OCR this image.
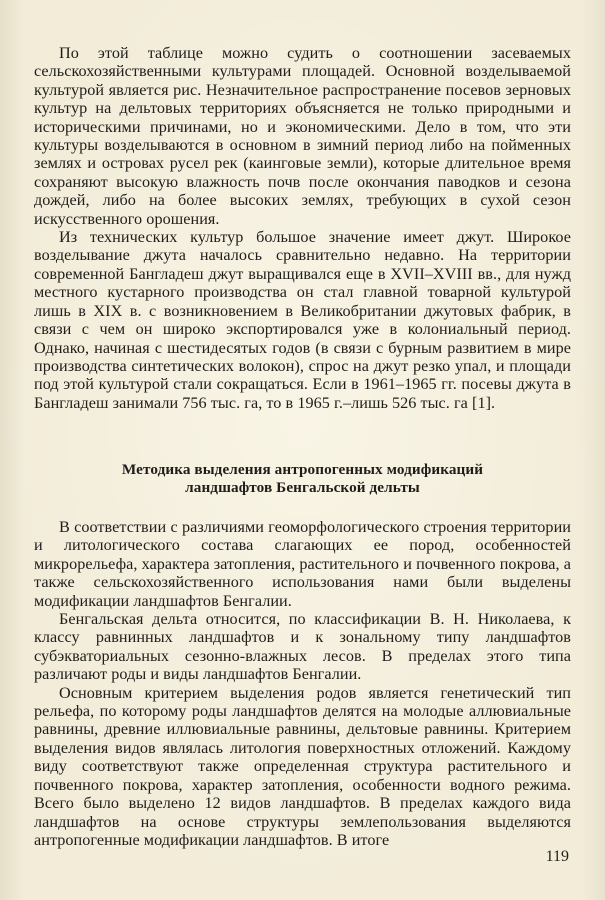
По этой таблице можно судить о соотношении засеваемых сельскохозяйственными культурами площадей. Основной возделываемой культурой является рис. Незначительное распространение посевов зерновых культур на дельтовых территориях объясняется не только природными и историческими причинами, но и экономическими. Дело в том, что эти культуры возделываются в основном в зимний период либо на пойменных землях и островах русел рек (каинговые земли), которые длительное время сохраняют высокую влажность почв после окончания паводков и сезона дождей, либо на более высоких землях, требующих в сухой сезон искусственного орошения.

Из технических культур большое значение имеет джут. Широкое возделывание джута началось сравнительно недавно. На территории современной Бангладеш джут выращивался еще в XVII–XVIII вв., для нужд местного кустарного производства он стал главной товарной культурой лишь в XIX в. с возникновением в Великобритании джутовых фабрик, в связи с чем он широко экспортировался уже в колониальный период. Однако, начиная с шестидесятых годов (в связи с бурным развитием в мире производства синтетических волокон), спрос на джут резко упал, и площади под этой культурой стали сокращаться. Если в 1961–1965 гг. посевы джута в Бангладеш занимали 756 тыс. га, то в 1965 г.–лишь 526 тыс. га [1].

Методика выделения антропогенных модификаций
ландшафтов Бенгальской дельты

В соответствии с различиями геоморфологического строения территории и литологического состава слагающих ее пород, особенностей микрорельефа, характера затопления, растительного и почвенного покрова, а также сельскохозяйственного использования нами были выделены модификации ландшафтов Бенгалии.

Бенгальская дельта относится, по классификации В. Н. Николаева, к классу равнинных ландшафтов и к зональному типу ландшафтов субэкваториальных сезонно-влажных лесов. В пределах этого типа различают роды и виды ландшафтов Бенгалии.

Основным критерием выделения родов является генетический тип рельефа, по которому роды ландшафтов делятся на молодые аллювиальные равнины, древние иллювиальные равнины, дельтовые равнины. Критерием выделения видов являлась литология поверхностных отложений. Каждому виду соответствуют также определенная структура растительного и почвенного покрова, характер затопления, особенности водного режима. Всего было выделено 12 видов ландшафтов. В пределах каждого вида ландшафтов на основе структуры землепользования выделяются антропогенные модификации ландшафтов. В итоге

119
